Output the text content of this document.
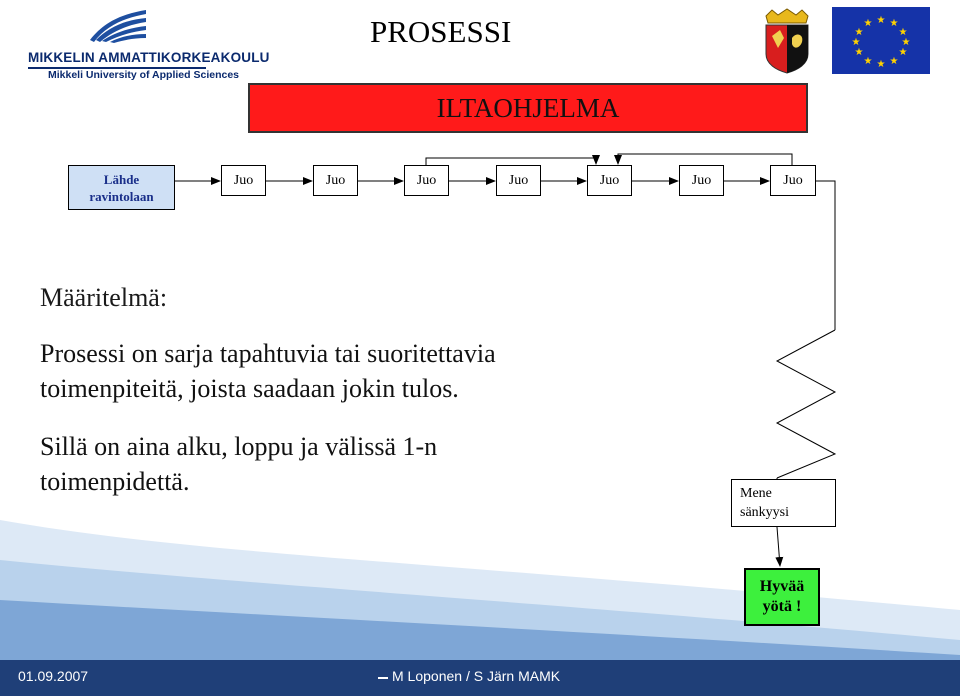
MIKKELIN AMMATTIKORKEAKOULU
Mikkeli University of Applied Sciences
★ ★
★
★
★
★
★
★
★
★
★
★
PROSESSI
ILTAOHJELMA
Lähde
ravintolaan
Juo	Juo	Juo	Juo	Juo	Juo	Juo
Määritelmä:
Prosessi on sarja tapahtuvia tai suoritettavia
toimenpiteitä, joista saadaan jokin tulos.
Sillä on aina alku, loppu ja välissä 1-n
toimenpidettä.	Mene
sänkyysi
Hyvää
yötä !
01.09.2007	M Loponen / S Järn MAMK
